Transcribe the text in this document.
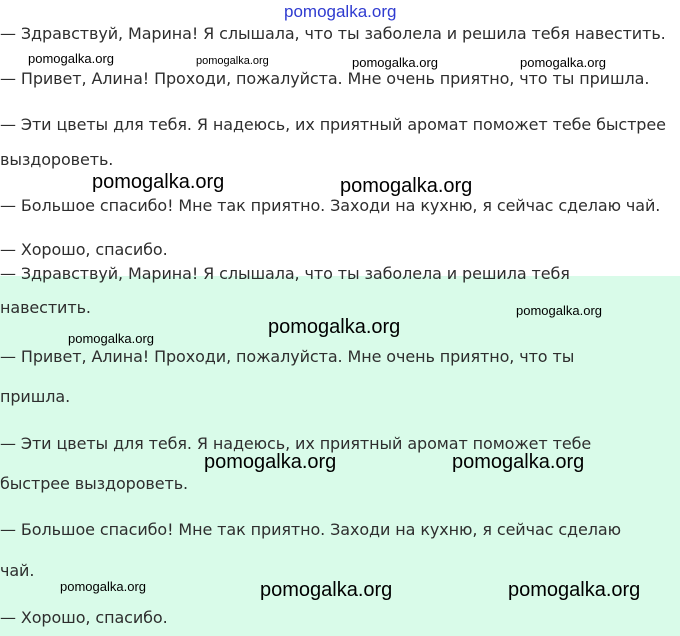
— Здравствуй, Марина! Я слышала, что ты заболела и решила тебя навестить.

— Привет, Алина! Проходи, пожалуйста. Мне очень приятно, что ты пришла.

— Эти цветы для тебя. Я надеюсь, их приятный аромат поможет тебе быстрее

выздороветь.

— Большое спасибо! Мне так приятно. Заходи на кухню, я сейчас сделаю чай.

— Хорошо, спасибо.

— Здравствуй, Марина! Я слышала, что ты заболела и решила тебя

навестить.

— Привет, Алина! Проходи, пожалуйста. Мне очень приятно, что ты

пришла.

— Эти цветы для тебя. Я надеюсь, их приятный аромат поможет тебе

быстрее выздороветь.

— Большое спасибо! Мне так приятно. Заходи на кухню, я сейчас сделаю

чай.

— Хорошо, спасибо.

pomogalka.org
pomogalka.org	pomogalka.org	pomogalka.org	pomogalka.org
pomogalka.org	pomogalka.org
pomogalka.org
pomogalka.org
pomogalka.org
pomogalka.org	pomogalka.org
pomogalka.org	pomogalka.org	pomogalka.org
